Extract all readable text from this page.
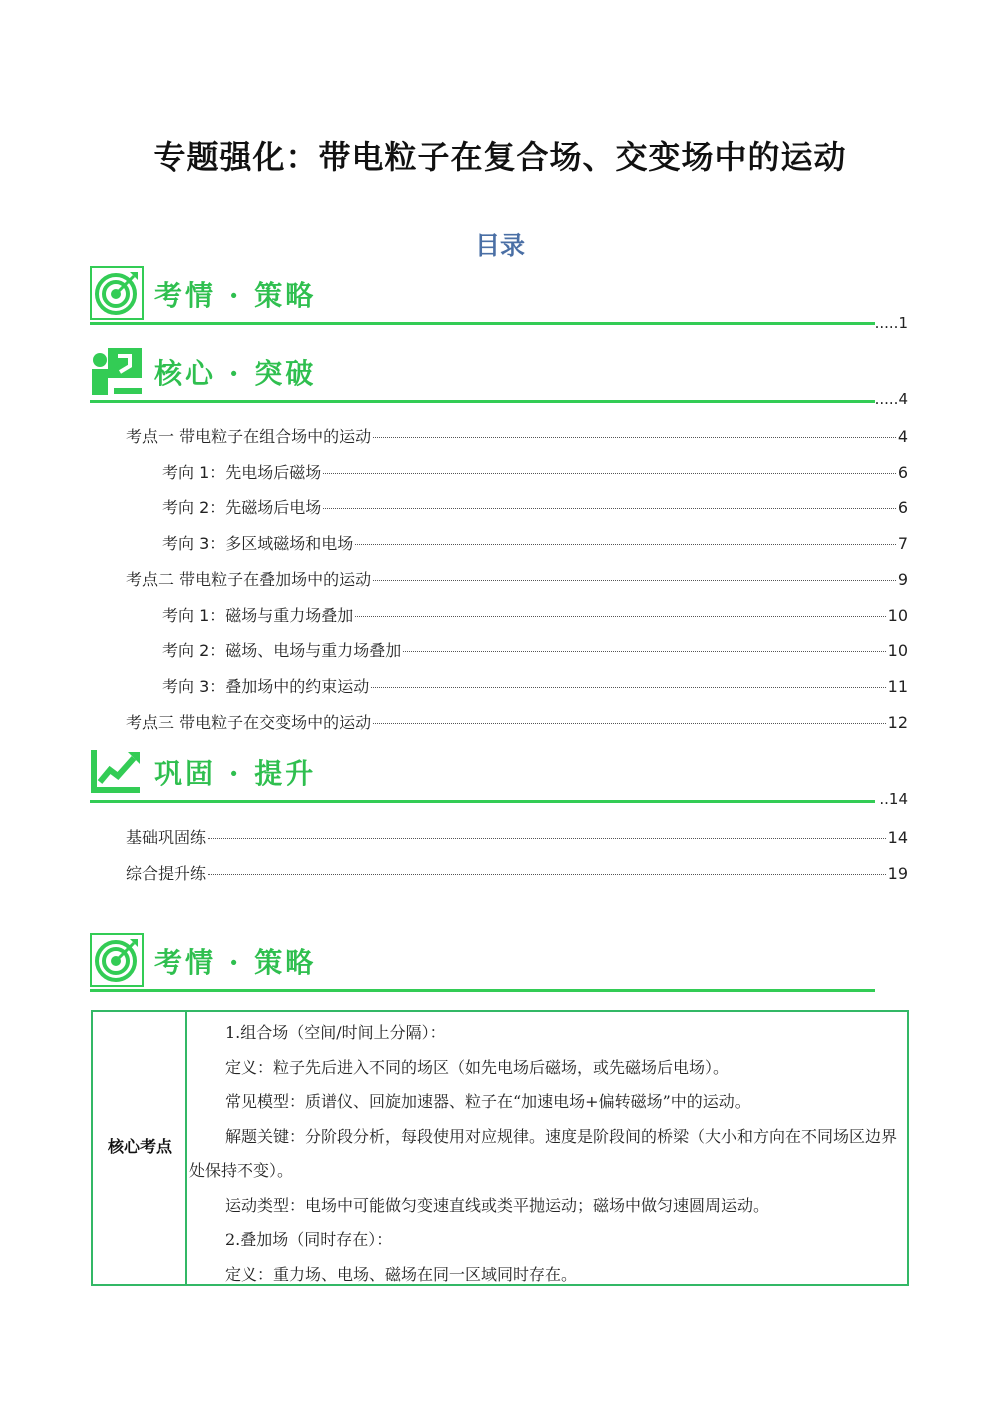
专题强化：带电粒子在复合场、交变场中的运动
目录
考情 · 策略
.....1
核心 · 突破
.....4
考点一 带电粒子在组合场中的运动	4
考向 1：先电场后磁场	6
考向 2：先磁场后电场	6
考向 3：多区域磁场和电场	7
考点二 带电粒子在叠加场中的运动	9
考向 1：磁场与重力场叠加	10
考向 2：磁场、电场与重力场叠加	10
考向 3：叠加场中的约束运动	11
考点三 带电粒子在交变场中的运动	12
巩固 · 提升
..14
基础巩固练	14
综合提升练	19
考情 · 策略
核心考点

1.组合场（空间/时间上分隔）：

定义：粒子先后进入不同的场区（如先电场后磁场，或先磁场后电场）。

常见模型：质谱仪、回旋加速器、粒子在“加速电场+偏转磁场”中的运动。

解题关键：分阶段分析，每段使用对应规律。速度是阶段间的桥梁（大小和方向在不同场区边界处保持不变）。

运动类型：电场中可能做匀变速直线或类平抛运动；磁场中做匀速圆周运动。

2.叠加场（同时存在）：

定义：重力场、电场、磁场在同一区域同时存在。
